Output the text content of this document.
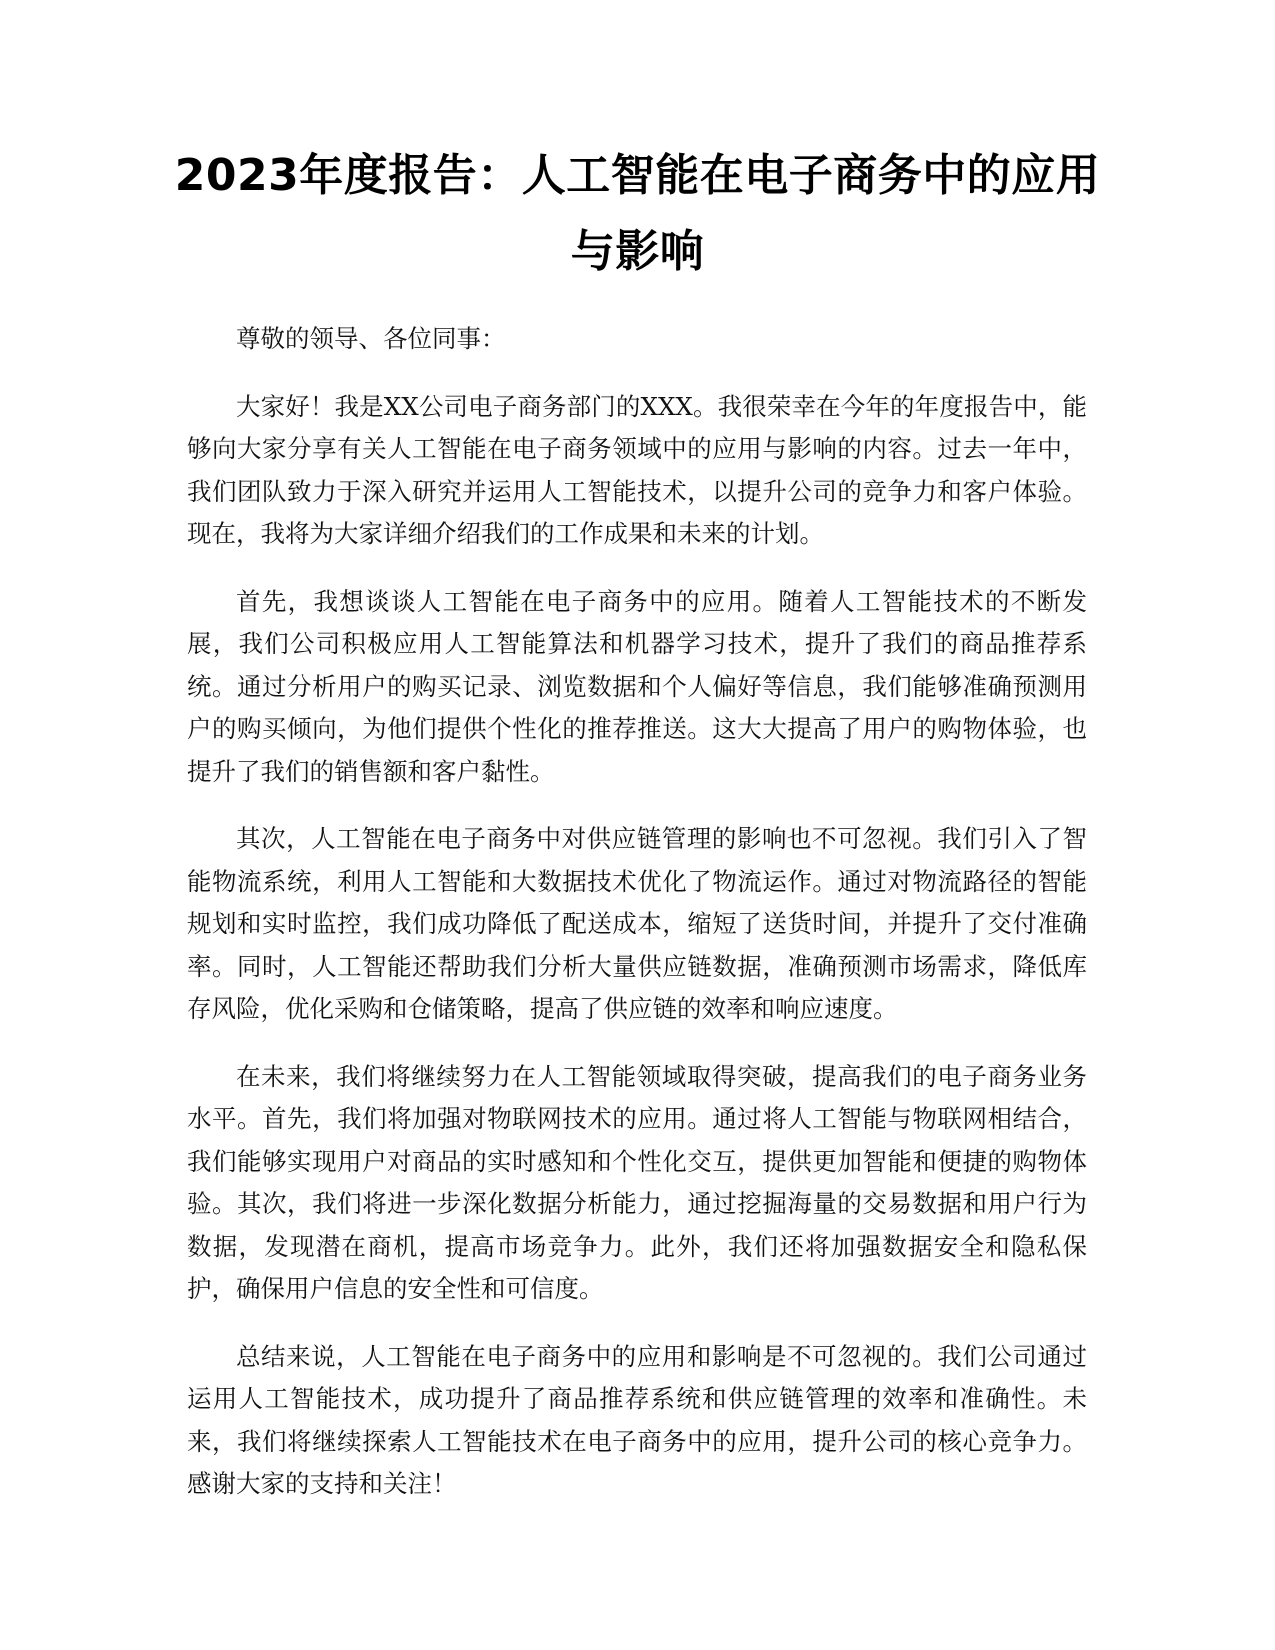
2023年度报告：人工智能在电子商务中的应用与影响

尊敬的领导、各位同事：

大家好！我是XX公司电子商务部门的XXX。我很荣幸在今年的年度报告中，能够向大家分享有关人工智能在电子商务领域中的应用与影响的内容。过去一年中，我们团队致力于深入研究并运用人工智能技术，以提升公司的竞争力和客户体验。现在，我将为大家详细介绍我们的工作成果和未来的计划。

首先，我想谈谈人工智能在电子商务中的应用。随着人工智能技术的不断发展，我们公司积极应用人工智能算法和机器学习技术，提升了我们的商品推荐系统。通过分析用户的购买记录、浏览数据和个人偏好等信息，我们能够准确预测用户的购买倾向，为他们提供个性化的推荐推送。这大大提高了用户的购物体验，也提升了我们的销售额和客户黏性。

其次，人工智能在电子商务中对供应链管理的影响也不可忽视。我们引入了智能物流系统，利用人工智能和大数据技术优化了物流运作。通过对物流路径的智能规划和实时监控，我们成功降低了配送成本，缩短了送货时间，并提升了交付准确率。同时，人工智能还帮助我们分析大量供应链数据，准确预测市场需求，降低库存风险，优化采购和仓储策略，提高了供应链的效率和响应速度。

在未来，我们将继续努力在人工智能领域取得突破，提高我们的电子商务业务水平。首先，我们将加强对物联网技术的应用。通过将人工智能与物联网相结合，我们能够实现用户对商品的实时感知和个性化交互，提供更加智能和便捷的购物体验。其次，我们将进一步深化数据分析能力，通过挖掘海量的交易数据和用户行为数据，发现潜在商机，提高市场竞争力。此外，我们还将加强数据安全和隐私保护，确保用户信息的安全性和可信度。

总结来说，人工智能在电子商务中的应用和影响是不可忽视的。我们公司通过运用人工智能技术，成功提升了商品推荐系统和供应链管理的效率和准确性。未来，我们将继续探索人工智能技术在电子商务中的应用，提升公司的核心竞争力。感谢大家的支持和关注！
